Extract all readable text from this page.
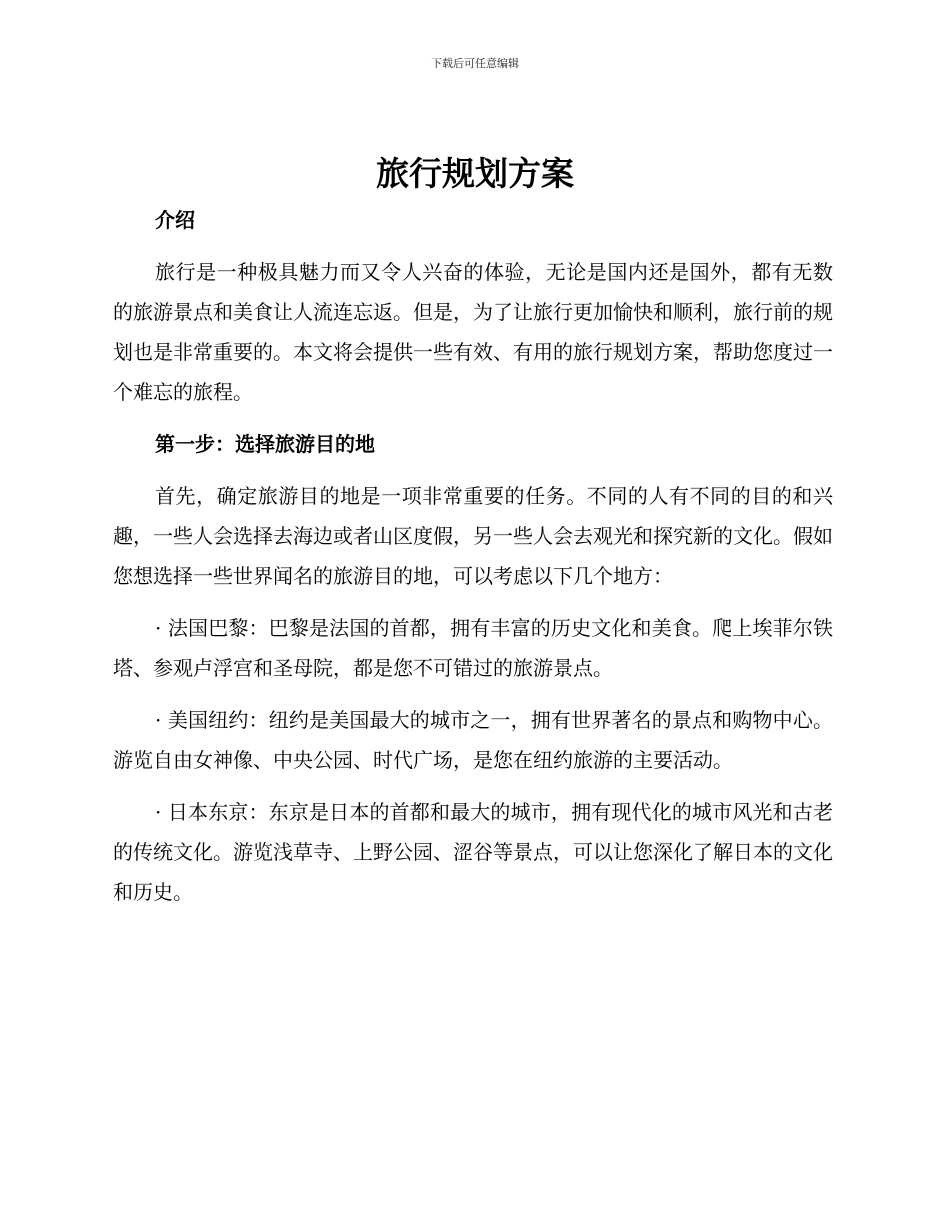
下载后可任意编辑
旅行规划方案
介绍

旅行是一种极具魅力而又令人兴奋的体验，无论是国内还是国外，都有无数的旅游景点和美食让人流连忘返。但是，为了让旅行更加愉快和顺利，旅行前的规划也是非常重要的。本文将会提供一些有效、有用的旅行规划方案，帮助您度过一个难忘的旅程。

第一步：选择旅游目的地

首先，确定旅游目的地是一项非常重要的任务。不同的人有不同的目的和兴趣，一些人会选择去海边或者山区度假，另一些人会去观光和探究新的文化。假如您想选择一些世界闻名的旅游目的地，可以考虑以下几个地方：

· 法国巴黎：巴黎是法国的首都，拥有丰富的历史文化和美食。爬上埃菲尔铁塔、参观卢浮宫和圣母院，都是您不可错过的旅游景点。

· 美国纽约：纽约是美国最大的城市之一，拥有世界著名的景点和购物中心。游览自由女神像、中央公园、时代广场，是您在纽约旅游的主要活动。

· 日本东京：东京是日本的首都和最大的城市，拥有现代化的城市风光和古老的传统文化。游览浅草寺、上野公园、涩谷等景点，可以让您深化了解日本的文化和历史。
